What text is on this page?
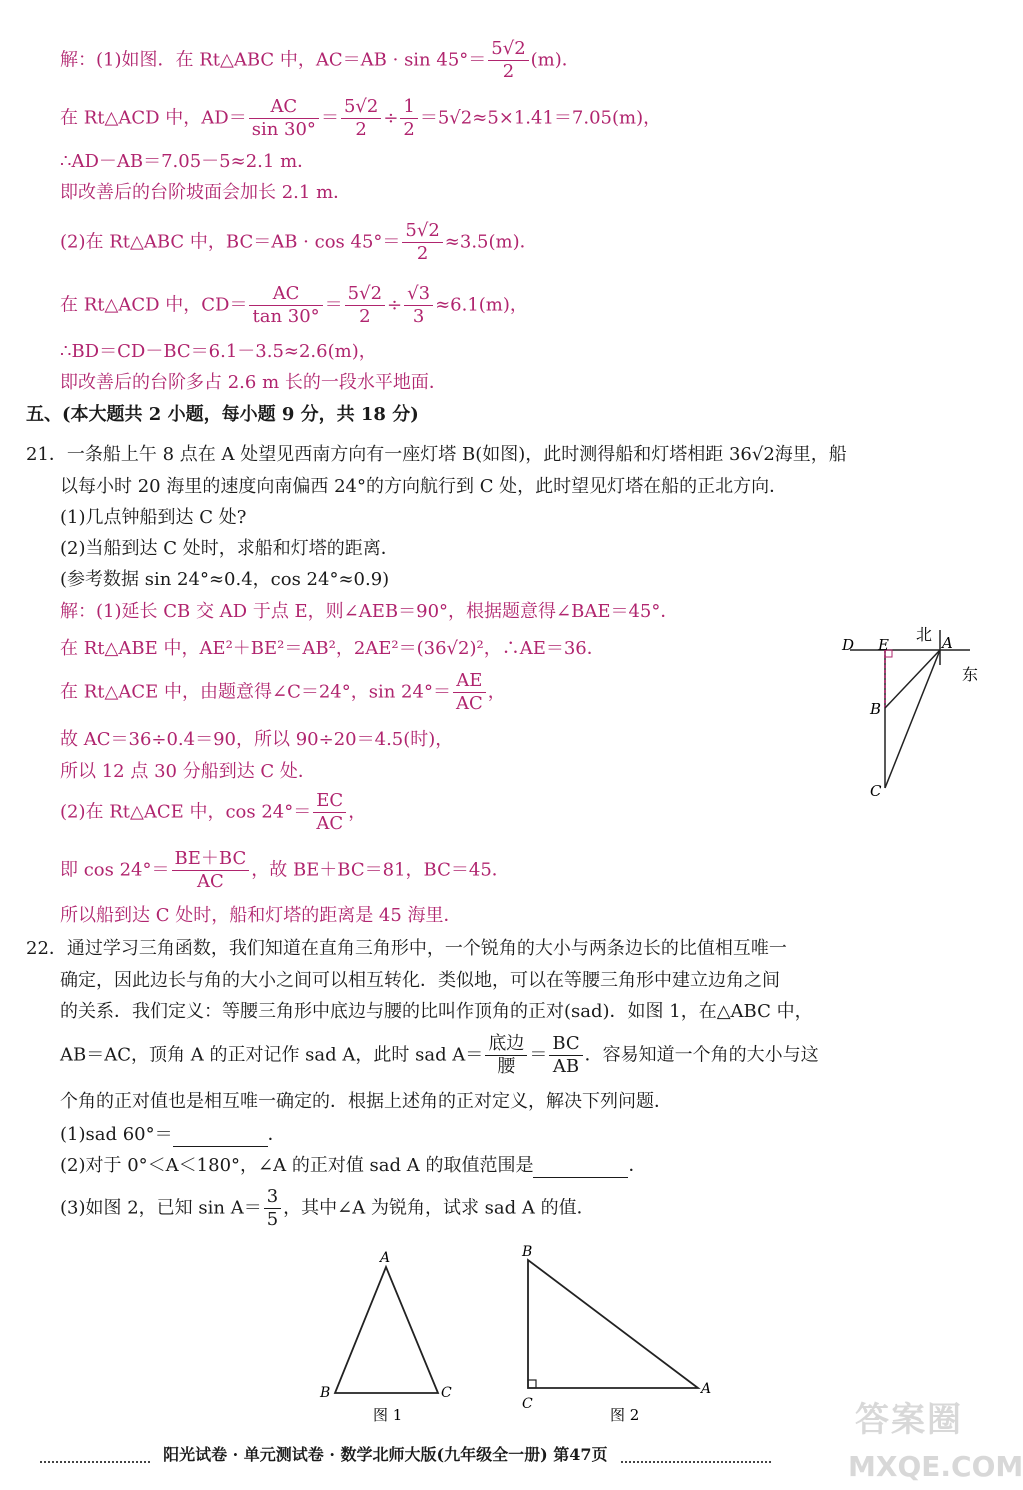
解：(1)如图．在 Rt△ABC 中，$AC=AB \cdot \sin 45^\circ= \frac{5√2}{2} (m)$．
在 Rt△ACD 中，$AD= \frac{AC}{\sin 30^\circ} = \frac{5√2}{2} \div \frac{1}{2} =5√2\approx 5\times 1.41=7.05(m)$，
∴AD－AB＝7.05－5≈2.1 m．
即改善后的台阶坡面会加长 2.1 m．
(2)在 Rt△ABC 中，$BC=AB \cdot \cos 45^\circ= \frac{5√2}{2} \approx 3.5(m)$．
在 Rt△ACD 中，$CD= \frac{AC}{\tan 30^\circ} = \frac{5√2}{2} \div \frac{√3}{3} \approx 6.1(m)$，
∴BD＝CD－BC＝6.1－3.5≈2.6(m)，
即改善后的台阶多占 2.6 m 长的一段水平地面．
五、(本大题共 2 小题，每小题 9 分，共 18 分)
21．一条船上午 8 点在 A 处望见西南方向有一座灯塔 B(如图)，此时测得船和灯塔相距 36√2海里，船
以每小时 20 海里的速度向南偏西 24°的方向航行到 C 处，此时望见灯塔在船的正北方向．
(1)几点钟船到达 C 处?
(2)当船到达 C 处时，求船和灯塔的距离．
(参考数据 sin 24°≈0.4，cos 24°≈0.9)
解：(1)延长 CB 交 AD 于点 E，则∠AEB＝90°，根据题意得∠BAE＝45°．
在 Rt△ABE 中，AE²＋BE²＝AB²，2AE²＝(36√2)²，∴AE＝36．
在 Rt△ACE 中，由题意得∠C＝24°，$\sin 24^\circ= \frac{AE}{AC}$ ，
故 AC＝36÷0.4＝90，所以 90÷20＝4.5(时)，
所以 12 点 30 分船到达 C 处．
(2)在 Rt△ACE 中，$\cos 24^\circ= \frac{EC}{AC}$ ，
即 $\cos 24^\circ= \frac{BE+BC}{AC}$ ，故 BE＋BC＝81，BC＝45．
所以船到达 C 处时，船和灯塔的距离是 45 海里．
北
东
D E	A
B
C
22．通过学习三角函数，我们知道在直角三角形中，一个锐角的大小与两条边长的比值相互唯一
确定，因此边长与角的大小之间可以相互转化．类似地，可以在等腰三角形中建立边角之间
的关系．我们定义：等腰三角形中底边与腰的比叫作顶角的正对(sad)．如图 1，在△ABC 中，
AB＝AC，顶角 A 的正对记作 sad A，此时 sad A＝
底边
腰
＝ $\frac{BC}{AB}$ ．容易知道一个角的大小与这
个角的正对值也是相互唯一确定的．根据上述角的正对定义，解决下列问题．
(1)sad 60°＝	．
(2)对于 0°＜A＜180°，∠A 的正对值 sad A 的取值范围是	．
(3)如图 2，已知 $\sin A= \frac{3}{5}$ ，其中∠A 为锐角，试求 sad A 的值．
A
B	C
图 1
B
C
A
图 2	答案圈
MXQE.COM
阳光试卷 · 单元测试卷 · 数学北师大版(九年级全一册) 第47页
